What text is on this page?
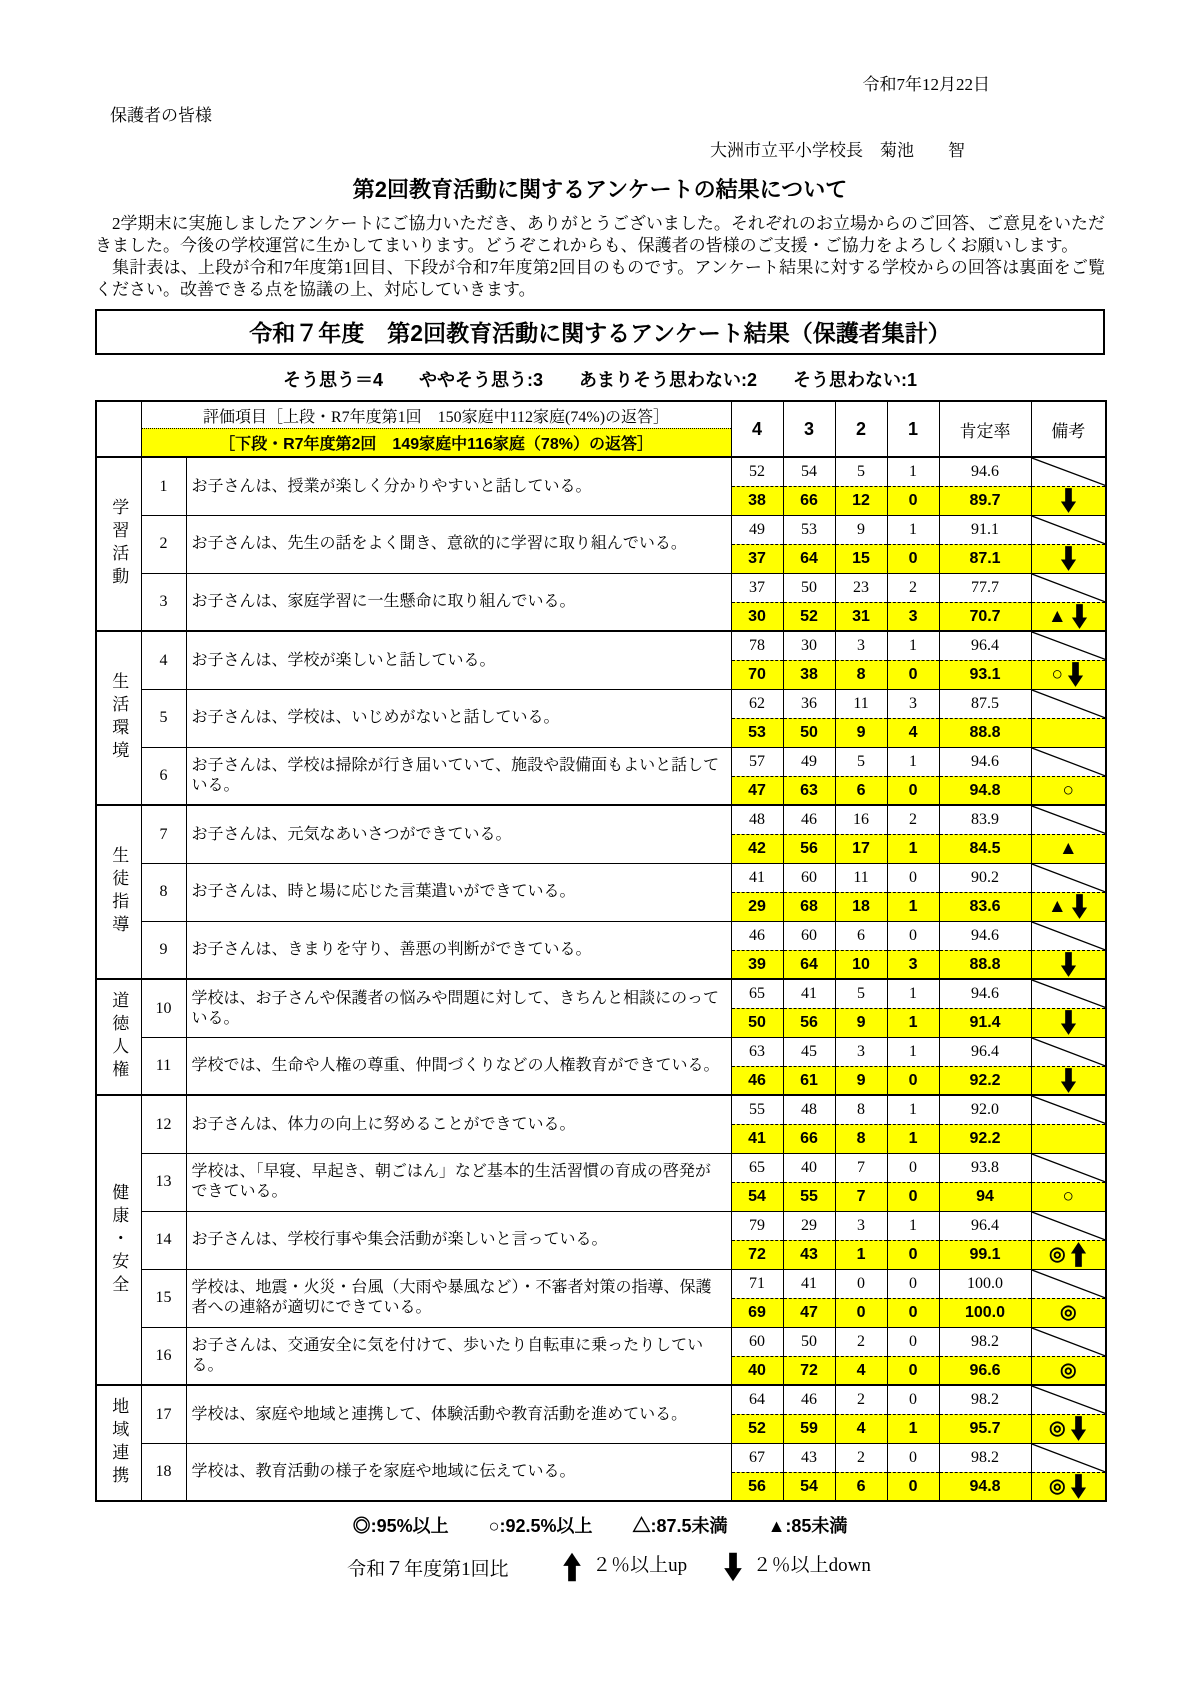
令和7年12月22日
保護者の皆様
大洲市立平小学校長　菊池　　智
第2回教育活動に関するアンケートの結果について
　2学期末に実施しましたアンケートにご協力いただき、ありがとうございました。それぞれのお立場からのご回答、ご意見をいただきました。今後の学校運営に生かしてまいります。どうぞこれからも、保護者の皆様のご支援・ご協力をよろしくお願いします。
　集計表は、上段が令和7年度第1回目、下段が令和7年度第2回目のものです。アンケート結果に対する学校からの回答は裏面をご覧ください。改善できる点を協議の上、対応していきます。
令和７年度　第2回教育活動に関するアンケート結果（保護者集計）
そう思う＝4　　ややそう思う:3　　あまりそう思わない:2　　そう思わない:1

	評価項目［上段・R7年度第1回　150家庭中112家庭(74%)の返答］
［下段・R7年度第2回　149家庭中116家庭（78%）の返答］		4	3	2	1	肯定率	備考

学習活動	1	お子さんは、授業が楽しく分かりやすいと話している。	52	54	5	1	94.6	

			38	66	12	0	89.7	

	2	お子さんは、先生の話をよく聞き、意欲的に学習に取り組んでいる。	49	53	9	1	91.1	

			37	64	15	0	87.1	

	3	お子さんは、家庭学習に一生懸命に取り組んでいる。	37	50	23	2	77.7	

			30	52	31	3	70.7	▲

生活環境	4	お子さんは、学校が楽しいと話している。	78	30	3	1	96.4	

			70	38	8	0	93.1	○

	5	お子さんは、学校は、いじめがないと話している。	62	36	11	3	87.5	

			53	50	9	4	88.8	

	6	お子さんは、学校は掃除が行き届いていて、施設や設備面もよいと話している。	57	49	5	1	94.6	

			47	63	6	0	94.8	○

生徒指導	7	お子さんは、元気なあいさつができている。	48	46	16	2	83.9	

			42	56	17	1	84.5	▲

	8	お子さんは、時と場に応じた言葉遣いができている。	41	60	11	0	90.2	

			29	68	18	1	83.6	▲

	9	お子さんは、きまりを守り、善悪の判断ができている。	46	60	6	0	94.6	

			39	64	10	3	88.8	

道徳人権	10	学校は、お子さんや保護者の悩みや問題に対して、きちんと相談にのっている。	65	41	5	1	94.6	

			50	56	9	1	91.4	

	11	学校では、生命や人権の尊重、仲間づくりなどの人権教育ができている。	63	45	3	1	96.4	

			46	61	9	0	92.2	

健康・安全	12	お子さんは、体力の向上に努めることができている。	55	48	8	1	92.0	

			41	66	8	1	92.2	

	13	学校は、「早寝、早起き、朝ごはん」など基本的生活習慣の育成の啓発ができている。	65	40	7	0	93.8	

			54	55	7	0	94	○

	14	お子さんは、学校行事や集会活動が楽しいと言っている。	79	29	3	1	96.4	

			72	43	1	0	99.1	◎

	15	学校は、地震・火災・台風（大雨や暴風など）・不審者対策の指導、保護者への連絡が適切にできている。	71	41	0	0	100.0	

			69	47	0	0	100.0	◎

	16	お子さんは、交通安全に気を付けて、歩いたり自転車に乗ったりしている。	60	50	2	0	98.2	

			40	72	4	0	96.6	◎

地域連携	17	学校は、家庭や地域と連携して、体験活動や教育活動を進めている。	64	46	2	0	98.2	

			52	59	4	1	95.7	◎

	18	学校は、教育活動の様子を家庭や地域に伝えている。	67	43	2	0	98.2	

			56	54	6	0	94.8	◎
◎:95%以上 ○:92.5%以上 △:87.5未満 ▲:85未満
令和７年度第1回比	２％以上up	２％以上down
